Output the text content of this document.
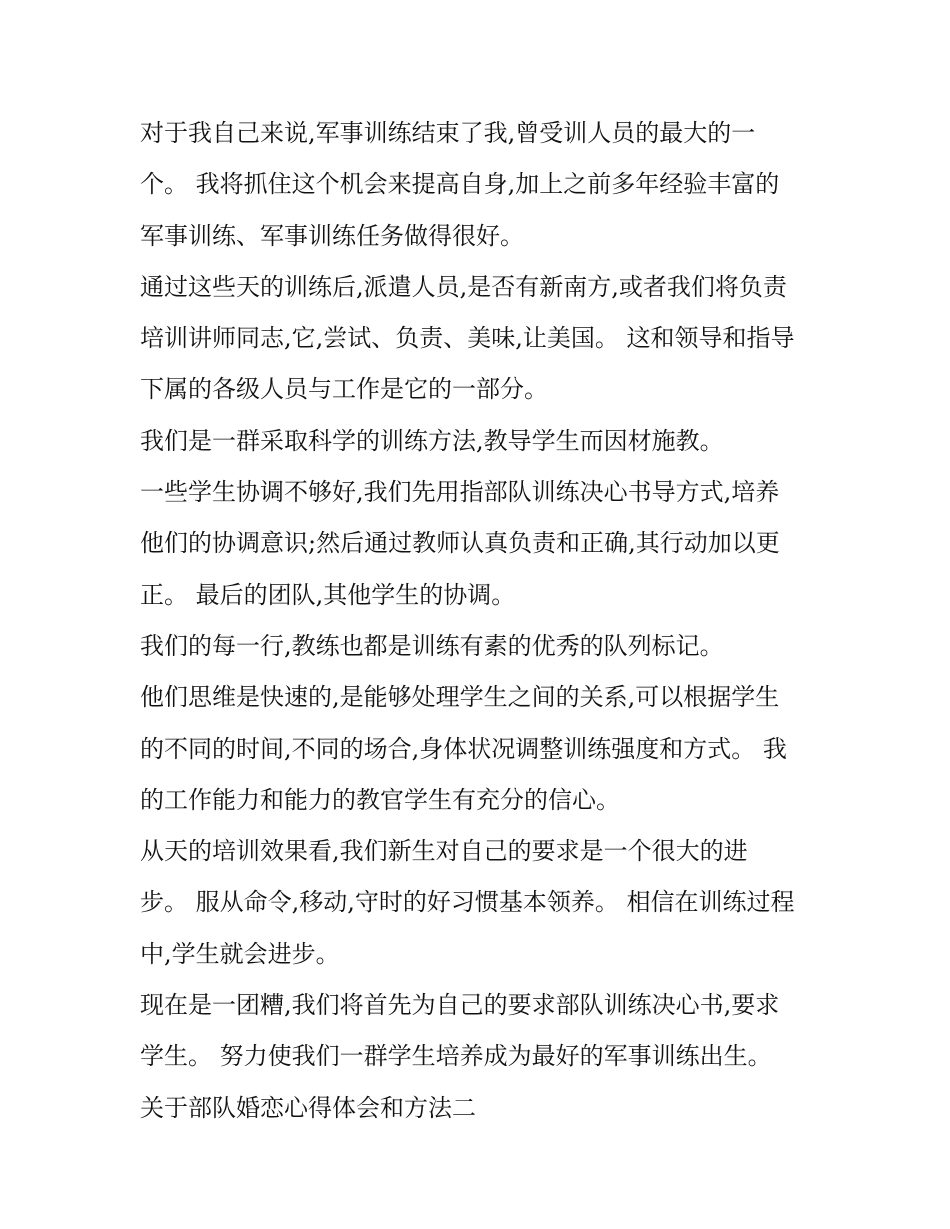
对于我自己来说,军事训练结束了我,曾受训人员的最大的一
个。 我将抓住这个机会来提高自身,加上之前多年经验丰富的
军事训练、军事训练任务做得很好。
通过这些天的训练后,派遣人员,是否有新南方,或者我们将负责
培训讲师同志,它,尝试、负责、美味,让美国。 这和领导和指导
下属的各级人员与工作是它的一部分。
我们是一群采取科学的训练方法,教导学生而因材施教。
一些学生协调不够好,我们先用指部队训练决心书导方式,培养
他们的协调意识;然后通过教师认真负责和正确,其行动加以更
正。 最后的团队,其他学生的协调。
我们的每一行,教练也都是训练有素的优秀的队列标记。
他们思维是快速的,是能够处理学生之间的关系,可以根据学生
的不同的时间,不同的场合,身体状况调整训练强度和方式。 我
的工作能力和能力的教官学生有充分的信心。
从天的培训效果看,我们新生对自己的要求是一个很大的进
步。 服从命令,移动,守时的好习惯基本领养。 相信在训练过程
中,学生就会进步。
现在是一团糟,我们将首先为自己的要求部队训练决心书,要求
学生。 努力使我们一群学生培养成为最好的军事训练出生。
关于部队婚恋心得体会和方法二
